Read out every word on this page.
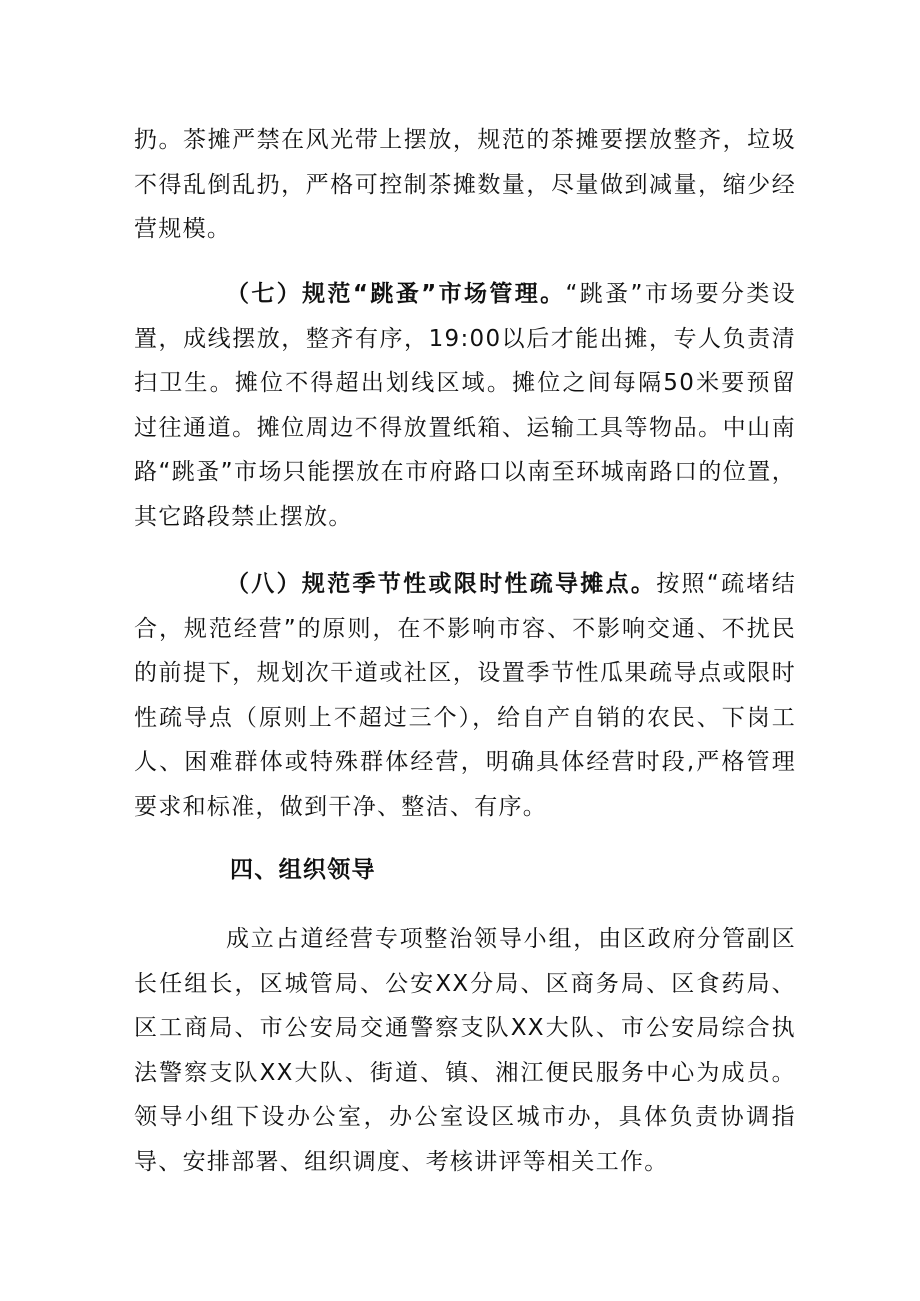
扔。茶摊严禁在风光带上摆放，规范的茶摊要摆放整齐，垃圾不得乱倒乱扔，严格可控制茶摊数量，尽量做到减量，缩少经营规模。

（七）规范“跳蚤”市场管理。“跳蚤”市场要分类设置，成线摆放，整齐有序，19:00以后才能出摊，专人负责清扫卫生。摊位不得超出划线区域。摊位之间每隔50米要预留过往通道。摊位周边不得放置纸箱、运输工具等物品。中山南路“跳蚤”市场只能摆放在市府路口以南至环城南路口的位置，其它路段禁止摆放。

（八）规范季节性或限时性疏导摊点。按照“疏堵结合，规范经营”的原则，在不影响市容、不影响交通、不扰民的前提下，规划次干道或社区，设置季节性瓜果疏导点或限时性疏导点（原则上不超过三个），给自产自销的农民、下岗工人、困难群体或特殊群体经营，明确具体经营时段,严格管理要求和标准，做到干净、整洁、有序。

四、组织领导

成立占道经营专项整治领导小组，由区政府分管副区长任组长，区城管局、公安XX分局、区商务局、区食药局、区工商局、市公安局交通警察支队XX大队、市公安局综合执法警察支队XX大队、街道、镇、湘江便民服务中心为成员。领导小组下设办公室，办公室设区城市办，具体负责协调指导、安排部署、组织调度、考核讲评等相关工作。
